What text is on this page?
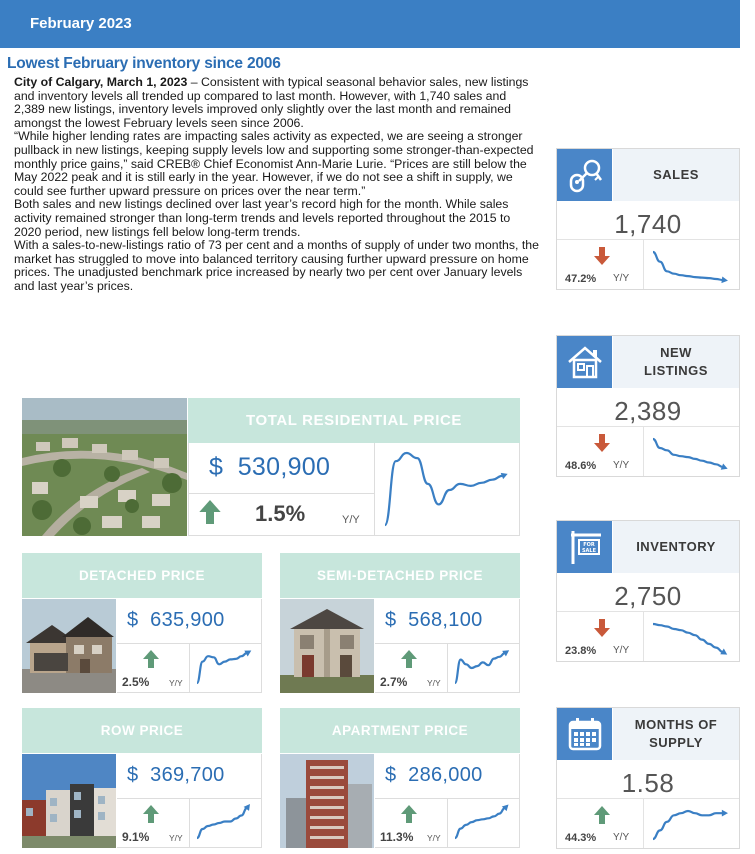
February 2023
Lowest February inventory since 2006

City of Calgary, March 1, 2023 – Consistent with typical seasonal behavior sales, new listings and inventory levels all trended up compared to last month. However, with 1,740 sales and 2,389 new listings, inventory levels improved only slightly over the last month and remained amongst the lowest February levels seen since 2006.

“While higher lending rates are impacting sales activity as expected, we are seeing a stronger pullback in new listings, keeping supply levels low and supporting some stronger-than-expected monthly price gains,” said CREB® Chief Economist Ann-Marie Lurie. “Prices are still below the May 2022 peak and it is still early in the year. However, if we do not see a shift in supply, we could see further upward pressure on prices over the near term.”

Both sales and new listings declined over last year’s record high for the month. While sales activity remained stronger than long-term trends and levels reported throughout the 2015 to 2020 period, new listings fell below long-term trends.

With a sales-to-new-listings ratio of 73 per cent and a months of supply of under two months, the market has struggled to move into balanced territory causing further upward pressure on home prices. The unadjusted benchmark price increased by nearly two per cent over January levels and last year’s prices.

SALES
1,740
47.2% Y/Y
NEW LISTINGS
2,389
48.6% Y/Y
FOR
SALE	INVENTORY
2,750
23.8% Y/Y
MONTHS OF SUPPLY
1.58
44.3% Y/Y
TOTAL RESIDENTIAL PRICE
$ 530,900
1.5%	Y/Y
DETACHED PRICE
$ 635,900
2.5% Y/Y
SEMI-DETACHED PRICE
$ 568,100
2.7% Y/Y
ROW PRICE
$ 369,700
9.1% Y/Y
APARTMENT PRICE
$ 286,000
11.3% Y/Y
